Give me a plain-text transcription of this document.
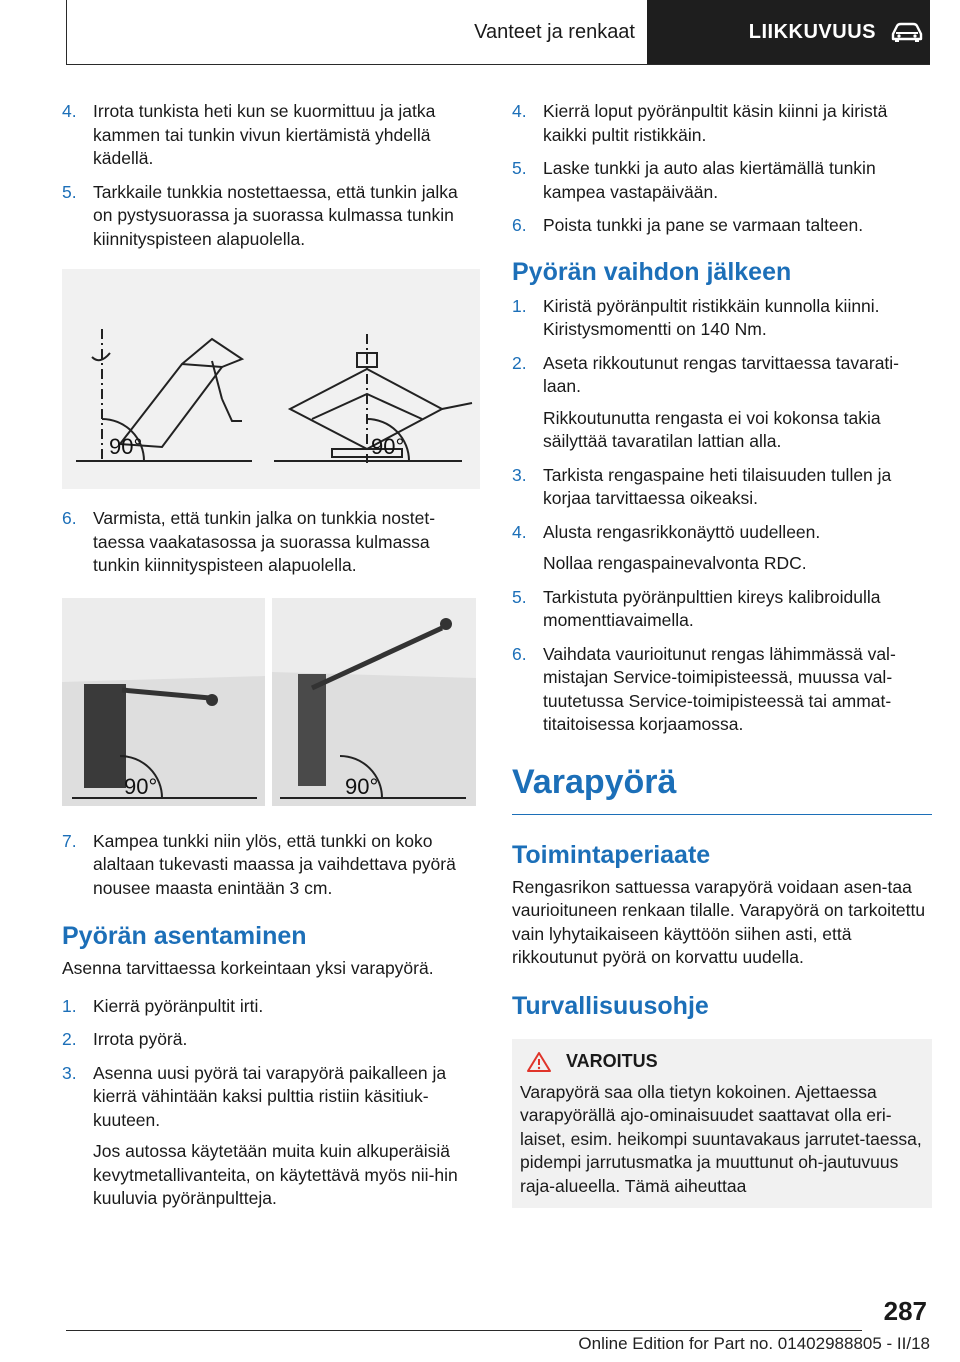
Vanteet ja renkaat	LIIKKUVUUS
4. Irrota tunkista heti kun se kuormittuu ja jatka kammen tai tunkin vivun kiertämistä yhdellä kädellä.
5. Tarkkaile tunkkia nostettaessa, että tunkin jalka on pystysuorassa ja suorassa kulmassa tunkin kiinnityspisteen alapuolella.
90°	90°
6. Varmista, että tunkin jalka on tunkkia nostet‐taessa vaakatasossa ja suorassa kulmassa tunkin kiinnityspisteen alapuolella.
90°	90°
7. Kampea tunkki niin ylös, että tunkki on koko alaltaan tukevasti maassa ja vaihdettava pyörä nousee maasta enintään 3 cm.
Pyörän asentaminen
Asenna tarvittaessa korkeintaan yksi varapyörä.
1. Kierrä pyöränpultit irti.
2. Irrota pyörä.
3. Asenna uusi pyörä tai varapyörä paikalleen ja kierrä vähintään kaksi pulttia ristiin käsitiuk‐kuuteen.
Jos autossa käytetään muita kuin alkuperäisiä kevytmetallivanteita, on käytettävä myös nii‐hin kuuluvia pyöränpultteja.
4. Kierrä loput pyöränpultit käsin kiinni ja kiristä kaikki pultit ristikkäin.
5. Laske tunkki ja auto alas kiertämällä tunkin kampea vastapäivään.
6. Poista tunkki ja pane se varmaan talteen.
Pyörän vaihdon jälkeen
1. Kiristä pyöränpultit ristikkäin kunnolla kiinni. Kiristysmomentti on 140 Nm.
2. Aseta rikkoutunut rengas tarvittaessa tavarati‐laan.
Rikkoutunutta rengasta ei voi kokonsa takia säilyttää tavaratilan lattian alla.
3. Tarkista rengaspaine heti tilaisuuden tullen ja korjaa tarvittaessa oikeaksi.
4. Alusta rengasrikkonäyttö uudelleen.
Nollaa rengaspainevalvonta RDC.
5. Tarkistuta pyöränpulttien kireys kalibroidulla momenttiavaimella.
6. Vaihdata vaurioitunut rengas lähimmässä val‐mistajan Service-toimipisteessä, muussa val‐tuutetussa Service-toimipisteessä tai ammat‐titaitoisessa korjaamossa.
Varapyörä
Toimintaperiaate
Rengasrikon sattuessa varapyörä voidaan asen‐taa vaurioituneen renkaan tilalle. Varapyörä on tarkoitettu vain lyhytaikaiseen käyttöön siihen asti, että rikkoutunut pyörä on korvattu uudella.
Turvallisuusohje
VAROITUS

Varapyörä saa olla tietyn kokoinen. Ajettaessa varapyörällä ajo-ominaisuudet saattavat olla eri‐laiset, esim. heikompi suuntavakaus jarrutet‐taessa, pidempi jarrutusmatka ja muuttunut oh‐jautuvuus raja-alueella. Tämä aiheuttaa

287
Online Edition for Part no. 01402988805 - II/18
